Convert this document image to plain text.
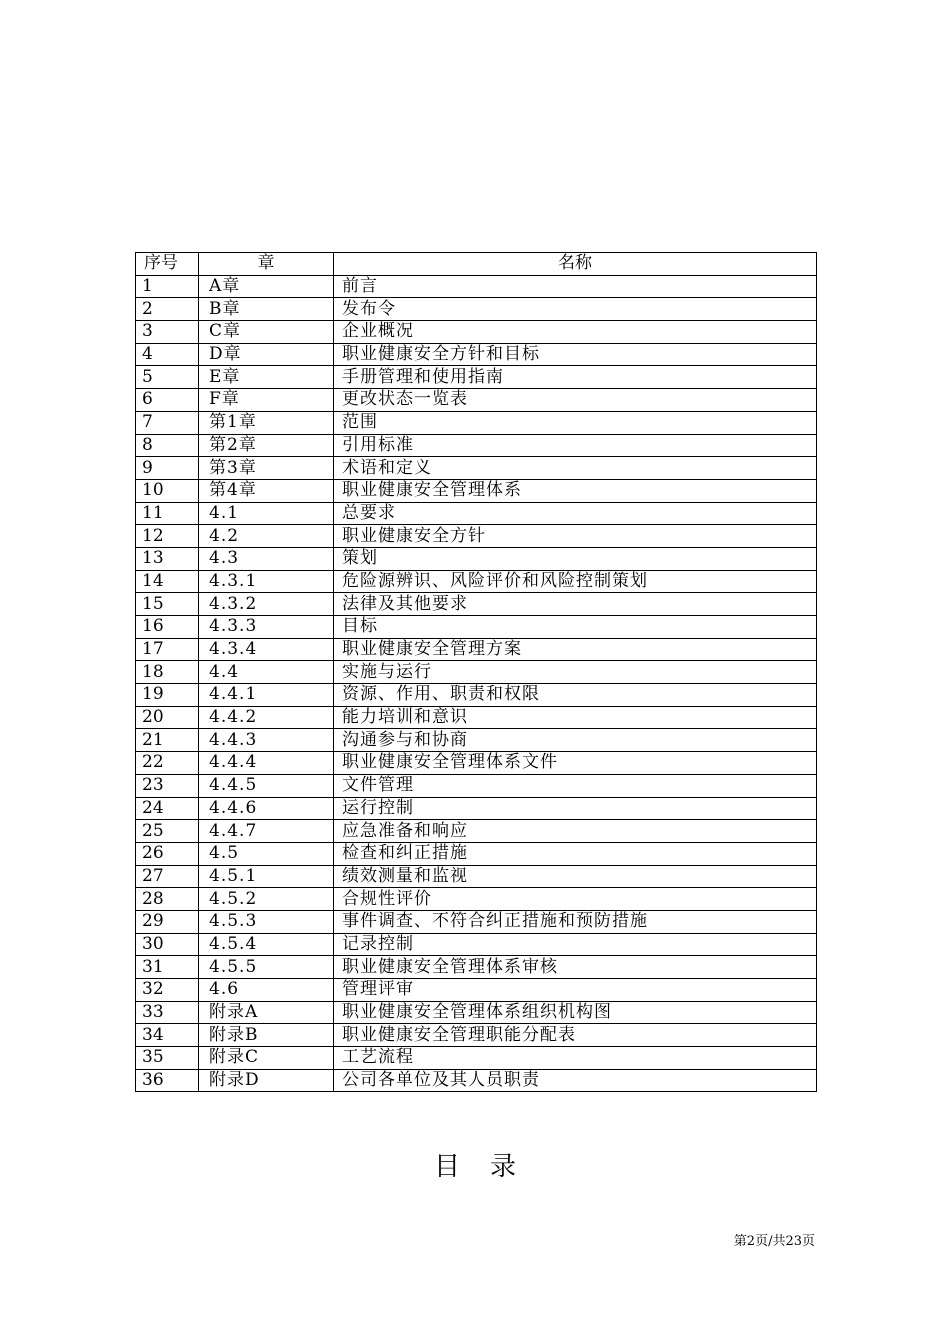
序号	章	名称
1	A章	前言
2	B章	发布令
3	C章	企业概况
4	D章	职业健康安全方针和目标
5	E章	手册管理和使用指南
6	F章	更改状态一览表
7	第1章	范围
8	第2章	引用标准
9	第3章	术语和定义
10	第4章	职业健康安全管理体系
11	4.1	总要求
12	4.2	职业健康安全方针
13	4.3	策划
14	4.3.1	危险源辨识、风险评价和风险控制策划
15	4.3.2	法律及其他要求
16	4.3.3	目标
17	4.3.4	职业健康安全管理方案
18	4.4	实施与运行
19	4.4.1	资源、作用、职责和权限
20	4.4.2	能力培训和意识
21	4.4.3	沟通参与和协商
22	4.4.4	职业健康安全管理体系文件
23	4.4.5	文件管理
24	4.4.6	运行控制
25	4.4.7	应急准备和响应
26	4.5	检查和纠正措施
27	4.5.1	绩效测量和监视
28	4.5.2	合规性评价
29	4.5.3	事件调查、不符合纠正措施和预防措施
30	4.5.4	记录控制
31	4.5.5	职业健康安全管理体系审核
32	4.6	管理评审
33	附录A	职业健康安全管理体系组织机构图
34	附录B	职业健康安全管理职能分配表
35	附录C	工艺流程
36	附录D	公司各单位及其人员职责
目录
第2页/共23页
